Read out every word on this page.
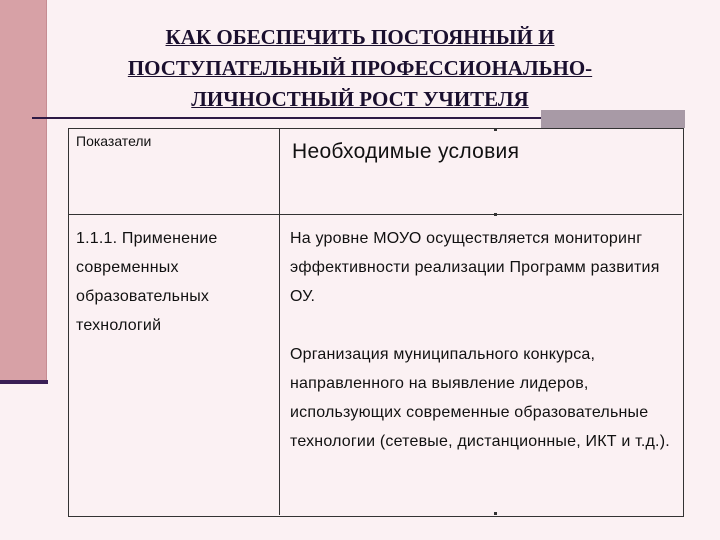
КАК ОБЕСПЕЧИТЬ ПОСТОЯННЫЙ И
ПОСТУПАТЕЛЬНЫЙ ПРОФЕССИОНАЛЬНО-
ЛИЧНОСТНЫЙ РОСТ УЧИТЕЛЯ
Показатели	Необходимые условия
1.1.1. Применение современных образовательных технологий

На уровне МОУО осуществляется мониторинг эффективности реализации Программ развития ОУ.

Организация муниципального конкурса, направленного на выявление лидеров, использующих современные образовательные технологии (сетевые, дистанционные, ИКТ и т.д.).
